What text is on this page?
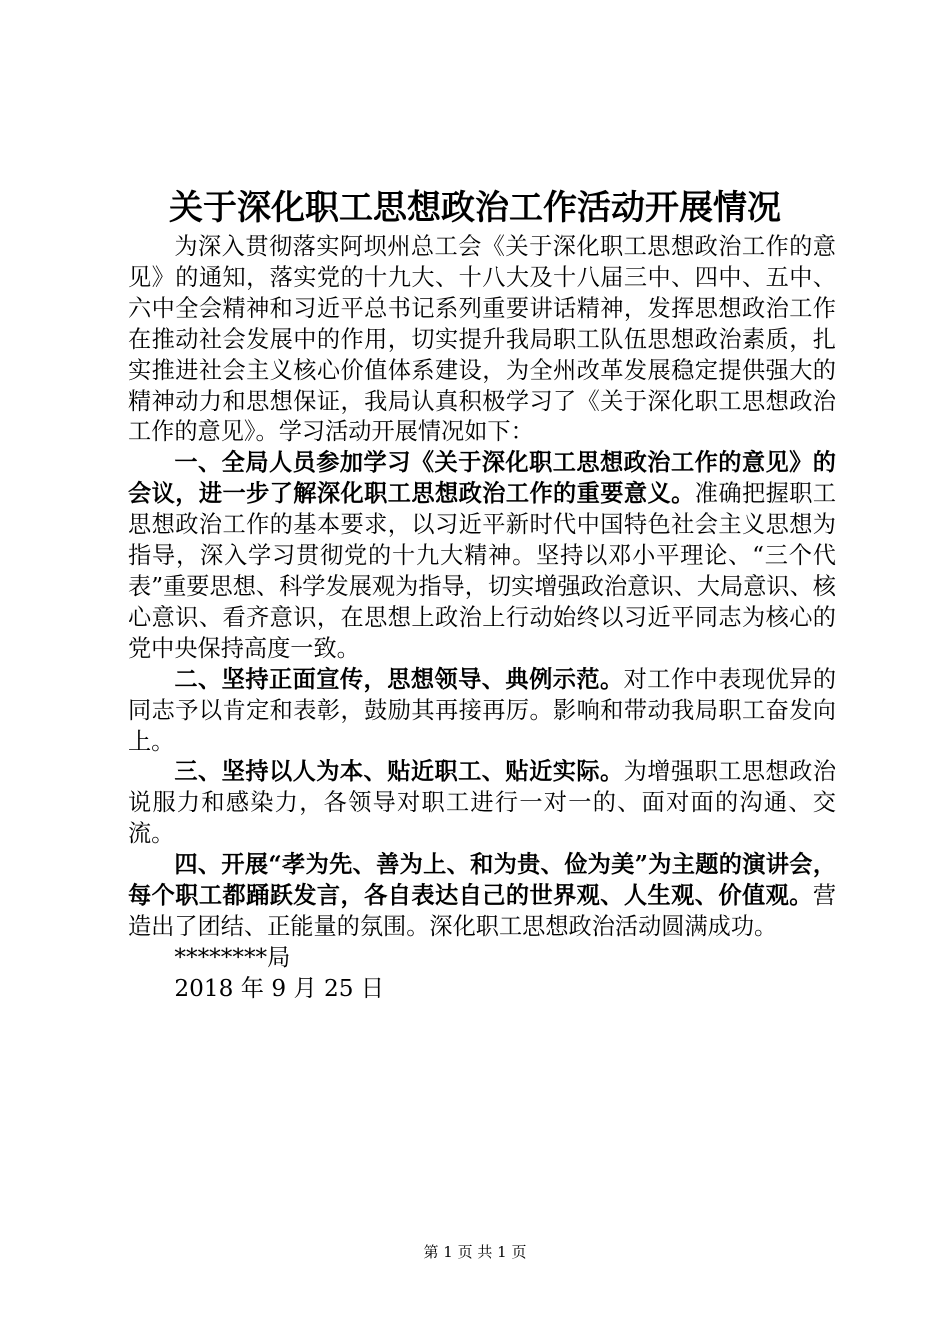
关于深化职工思想政治工作活动开展情况

为深入贯彻落实阿坝州总工会《关于深化职工思想政治工作的意见》的通知，落实党的十九大、十八大及十八届三中、四中、五中、六中全会精神和习近平总书记系列重要讲话精神，发挥思想政治工作在推动社会发展中的作用，切实提升我局职工队伍思想政治素质，扎实推进社会主义核心价值体系建设，为全州改革发展稳定提供强大的精神动力和思想保证，我局认真积极学习了《关于深化职工思想政治工作的意见》。学习活动开展情况如下：

一、全局人员参加学习《关于深化职工思想政治工作的意见》的会议，进一步了解深化职工思想政治工作的重要意义。准确把握职工思想政治工作的基本要求，以习近平新时代中国特色社会主义思想为指导，深入学习贯彻党的十九大精神。坚持以邓小平理论、“三个代表”重要思想、科学发展观为指导，切实增强政治意识、大局意识、核心意识、看齐意识，在思想上政治上行动始终以习近平同志为核心的党中央保持高度一致。

二、坚持正面宣传，思想领导、典例示范。对工作中表现优异的同志予以肯定和表彰，鼓励其再接再厉。影响和带动我局职工奋发向上。

三、坚持以人为本、贴近职工、贴近实际。为增强职工思想政治说服力和感染力，各领导对职工进行一对一的、面对面的沟通、交流。

四、开展“孝为先、善为上、和为贵、俭为美”为主题的演讲会，每个职工都踊跃发言，各自表达自己的世界观、人生观、价值观。营造出了团结、正能量的氛围。深化职工思想政治活动圆满成功。

********局

2018 年 9 月 25 日

第 1 页 共 1 页
